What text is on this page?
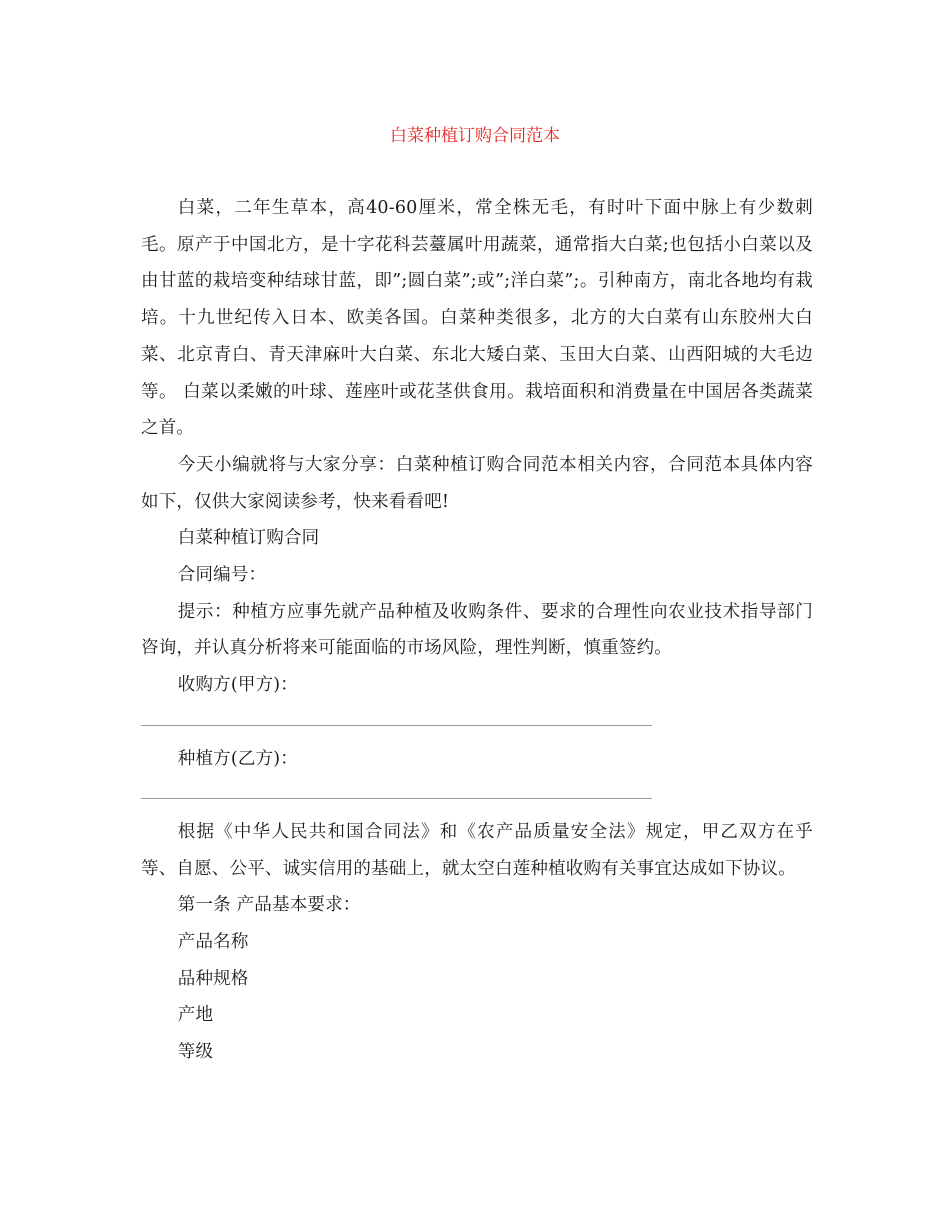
白菜种植订购合同范本

白菜，二年生草本，高40-60厘米，常全株无毛，有时叶下面中脉上有少数刺毛。原产于中国北方，是十字花科芸薹属叶用蔬菜，通常指大白菜;也包括小白菜以及由甘蓝的栽培变种结球甘蓝，即”;圆白菜”;或”;洋白菜”;。引种南方，南北各地均有栽培。十九世纪传入日本、欧美各国。白菜种类很多，北方的大白菜有山东胶州大白菜、北京青白、青天津麻叶大白菜、东北大矮白菜、玉田大白菜、山西阳城的大毛边等。 白菜以柔嫩的叶球、莲座叶或花茎供食用。栽培面积和消费量在中国居各类蔬菜之首。

今天小编就将与大家分享：白菜种植订购合同范本相关内容，合同范本具体内容如下，仅供大家阅读参考，快来看看吧!

白菜种植订购合同

合同编号：

提示：种植方应事先就产品种植及收购条件、要求的合理性向农业技术指导部门咨询，并认真分析将来可能面临的市场风险，理性判断，慎重签约。

收购方(甲方)：

种植方(乙方)：

根据《中华人民共和国合同法》和《农产品质量安全法》规定，甲乙双方在乎等、自愿、公平、诚实信用的基础上，就太空白莲种植收购有关事宜达成如下协议。

第一条 产品基本要求：

产品名称

品种规格

产地

等级
